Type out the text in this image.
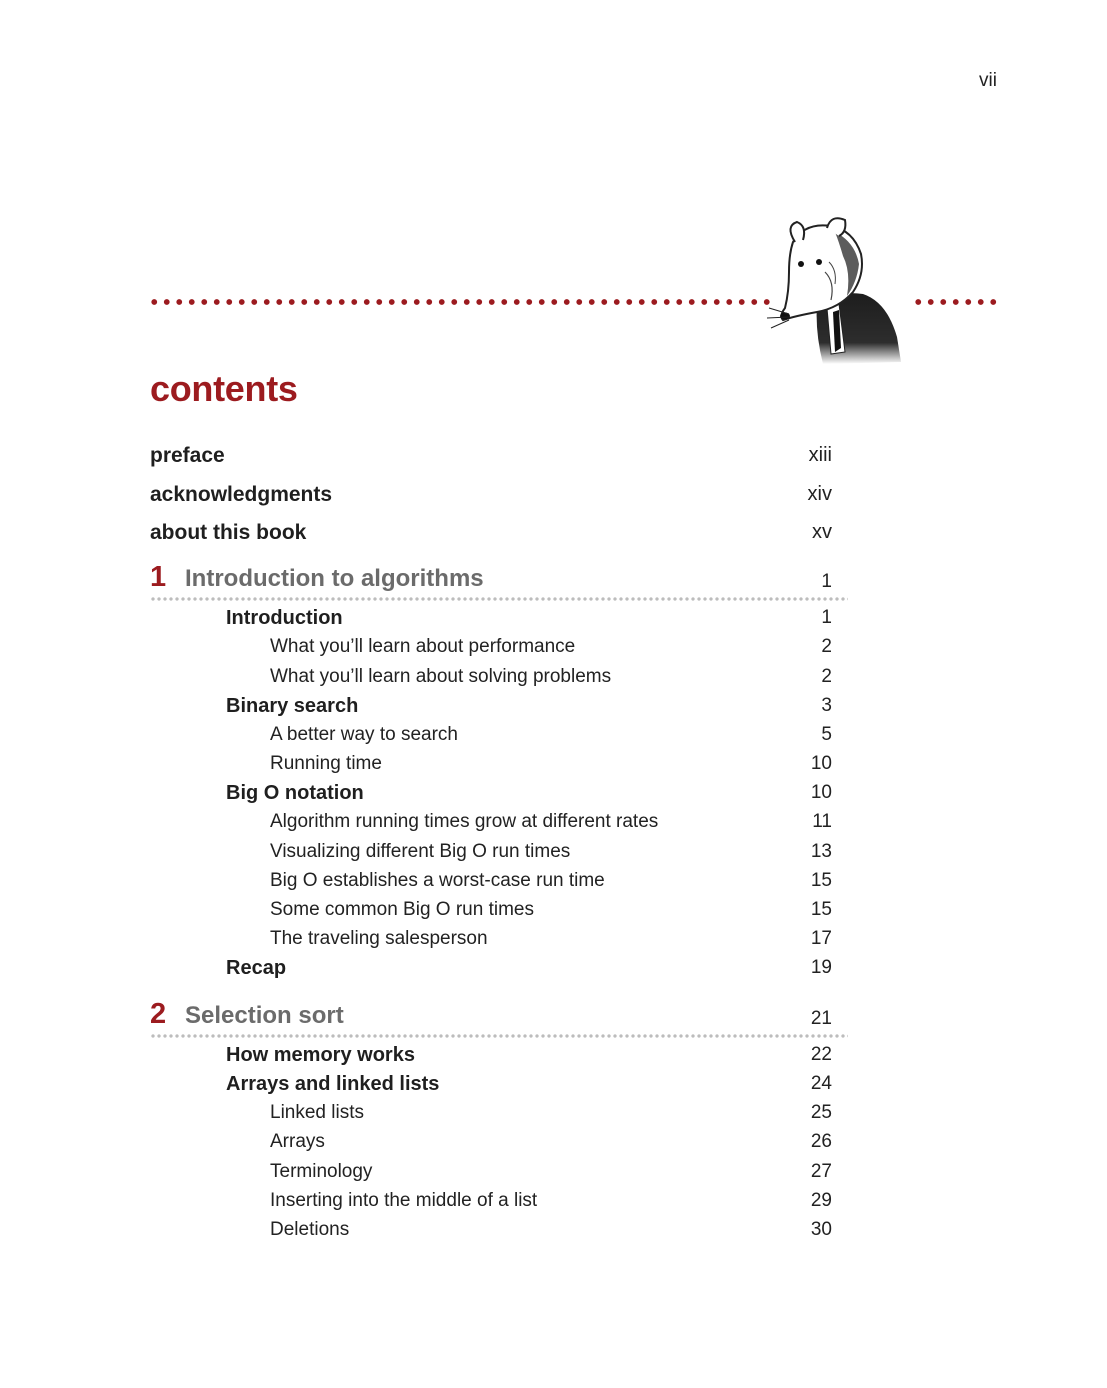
vii
contents
preface	xiii
acknowledgments	xiv
about this book	xv
1 Introduction to algorithms	1
Introduction	1
What you’ll learn about performance	2
What you’ll learn about solving problems	2
Binary search	3
A better way to search	5
Running time	10
Big O notation	10
Algorithm running times grow at different rates	11
Visualizing different Big O run times	13
Big O establishes a worst-case run time	15
Some common Big O run times	15
The traveling salesperson	17
Recap	19
2 Selection sort	21
How memory works	22
Arrays and linked lists	24
Linked lists	25
Arrays	26
Terminology	27
Inserting into the middle of a list	29
Deletions	30
